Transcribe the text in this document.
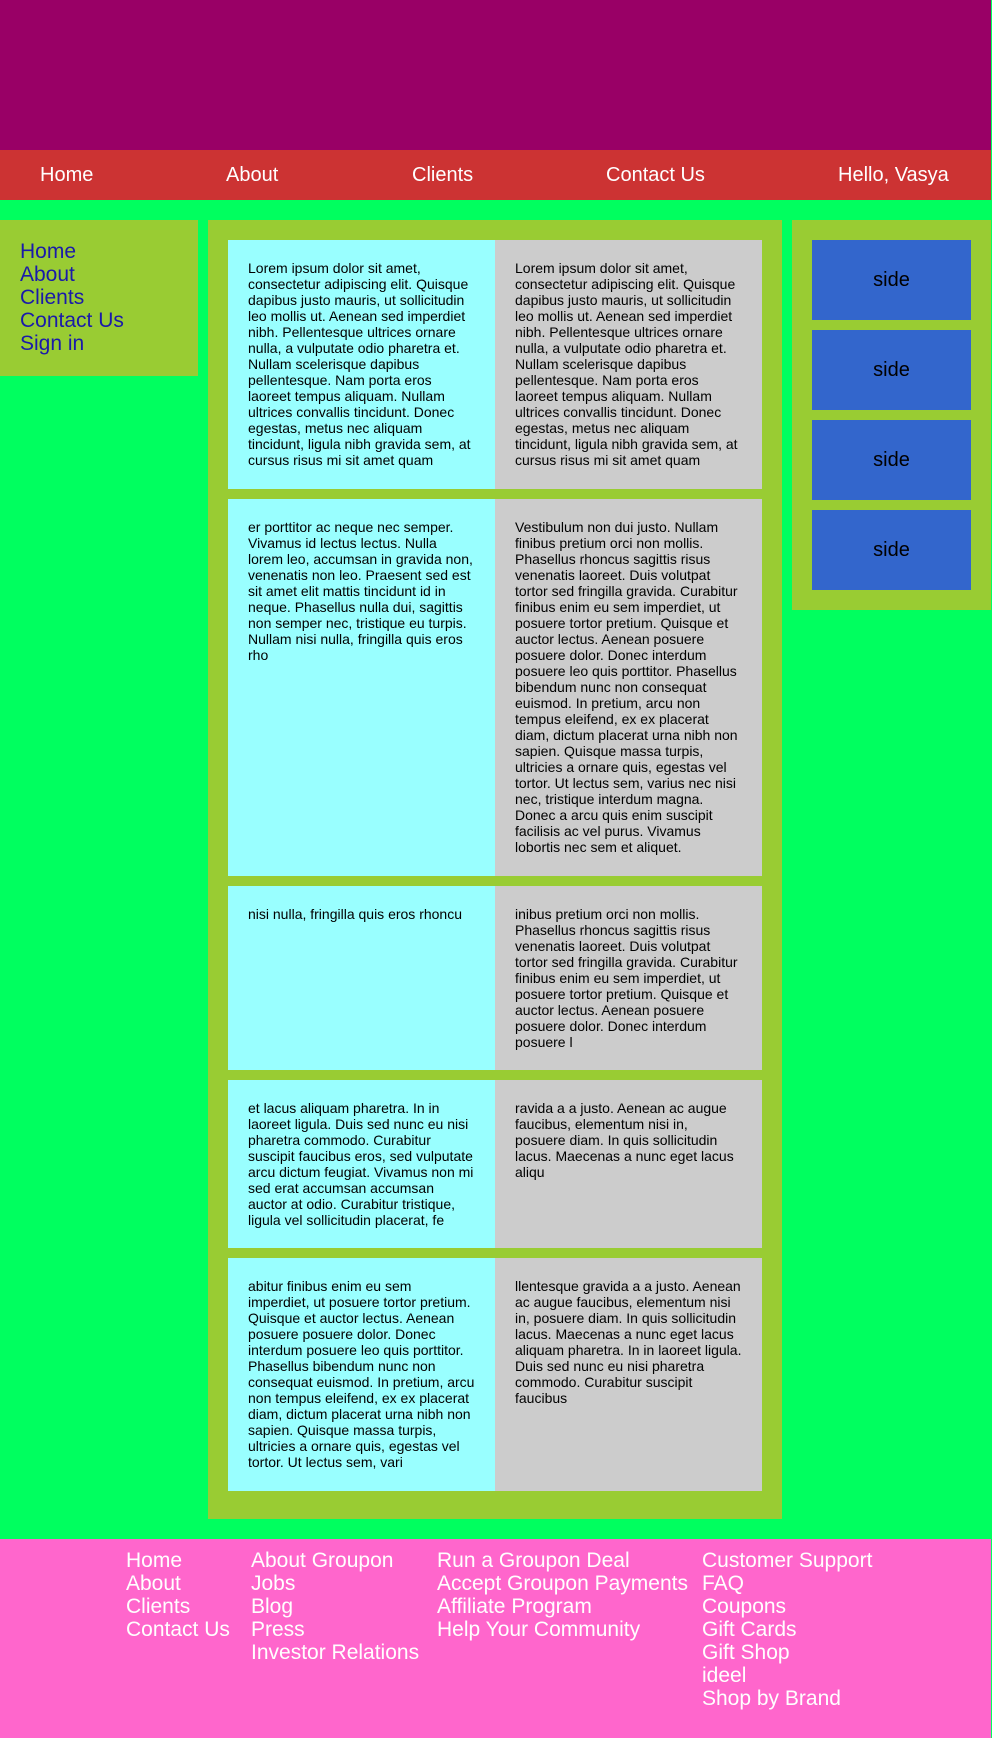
Home	About	Clients	Contact Us	Hello, Vasya
Home
About
Clients
Contact Us
Sign in
Lorem ipsum dolor sit amet, consectetur adipiscing elit. Quisque dapibus justo mauris, ut sollicitudin leo mollis ut. Aenean sed imperdiet nibh. Pellentesque ultrices ornare nulla, a vulputate odio pharetra et. Nullam scelerisque dapibus pellentesque. Nam porta eros laoreet tempus aliquam. Nullam ultrices convallis tincidunt. Donec egestas, metus nec aliquam tincidunt, ligula nibh gravida sem, at cursus risus mi sit amet quam
Lorem ipsum dolor sit amet, consectetur adipiscing elit. Quisque dapibus justo mauris, ut sollicitudin leo mollis ut. Aenean sed imperdiet nibh. Pellentesque ultrices ornare nulla, a vulputate odio pharetra et. Nullam scelerisque dapibus pellentesque. Nam porta eros laoreet tempus aliquam. Nullam ultrices convallis tincidunt. Donec egestas, metus nec aliquam tincidunt, ligula nibh gravida sem, at cursus risus mi sit amet quam
er porttitor ac neque nec semper. Vivamus id lectus lectus. Nulla lorem leo, accumsan in gravida non, venenatis non leo. Praesent sed est sit amet elit mattis tincidunt id in neque. Phasellus nulla dui, sagittis non semper nec, tristique eu turpis. Nullam nisi nulla, fringilla quis eros rho
Vestibulum non dui justo. Nullam finibus pretium orci non mollis. Phasellus rhoncus sagittis risus venenatis laoreet. Duis volutpat tortor sed fringilla gravida. Curabitur finibus enim eu sem imperdiet, ut posuere tortor pretium. Quisque et auctor lectus. Aenean posuere posuere dolor. Donec interdum posuere leo quis porttitor. Phasellus bibendum nunc non consequat euismod. In pretium, arcu non tempus eleifend, ex ex placerat diam, dictum placerat urna nibh non sapien. Quisque massa turpis, ultricies a ornare quis, egestas vel tortor. Ut lectus sem, varius nec nisi nec, tristique interdum magna. Donec a arcu quis enim suscipit facilisis ac vel purus. Vivamus lobortis nec sem et aliquet.
nisi nulla, fringilla quis eros rhoncu	inibus pretium orci non mollis. Phasellus rhoncus sagittis risus venenatis laoreet. Duis volutpat tortor sed fringilla gravida. Curabitur finibus enim eu sem imperdiet, ut posuere tortor pretium. Quisque et auctor lectus. Aenean posuere posuere dolor. Donec interdum posuere l
et lacus aliquam pharetra. In in laoreet ligula. Duis sed nunc eu nisi pharetra commodo. Curabitur suscipit faucibus eros, sed vulputate arcu dictum feugiat. Vivamus non mi sed erat accumsan accumsan auctor at odio. Curabitur tristique, ligula vel sollicitudin placerat, fe
ravida a a justo. Aenean ac augue faucibus, elementum nisi in, posuere diam. In quis sollicitudin lacus. Maecenas a nunc eget lacus aliqu
abitur finibus enim eu sem imperdiet, ut posuere tortor pretium. Quisque et auctor lectus. Aenean posuere posuere dolor. Donec interdum posuere leo quis porttitor. Phasellus bibendum nunc non consequat euismod. In pretium, arcu non tempus eleifend, ex ex placerat diam, dictum placerat urna nibh non sapien. Quisque massa turpis, ultricies a ornare quis, egestas vel tortor. Ut lectus sem, vari
llentesque gravida a a justo. Aenean ac augue faucibus, elementum nisi in, posuere diam. In quis sollicitudin lacus. Maecenas a nunc eget lacus aliquam pharetra. In in laoreet ligula. Duis sed nunc eu nisi pharetra commodo. Curabitur suscipit faucibus
side
side
side
side
Home
About
Clients
Contact Us
About Groupon
Jobs
Blog
Press
Investor Relations
Run a Groupon Deal
Accept Groupon Payments
Affiliate Program
Help Your Community
Customer Support
FAQ
Coupons
Gift Cards
Gift Shop
ideel
Shop by Brand
